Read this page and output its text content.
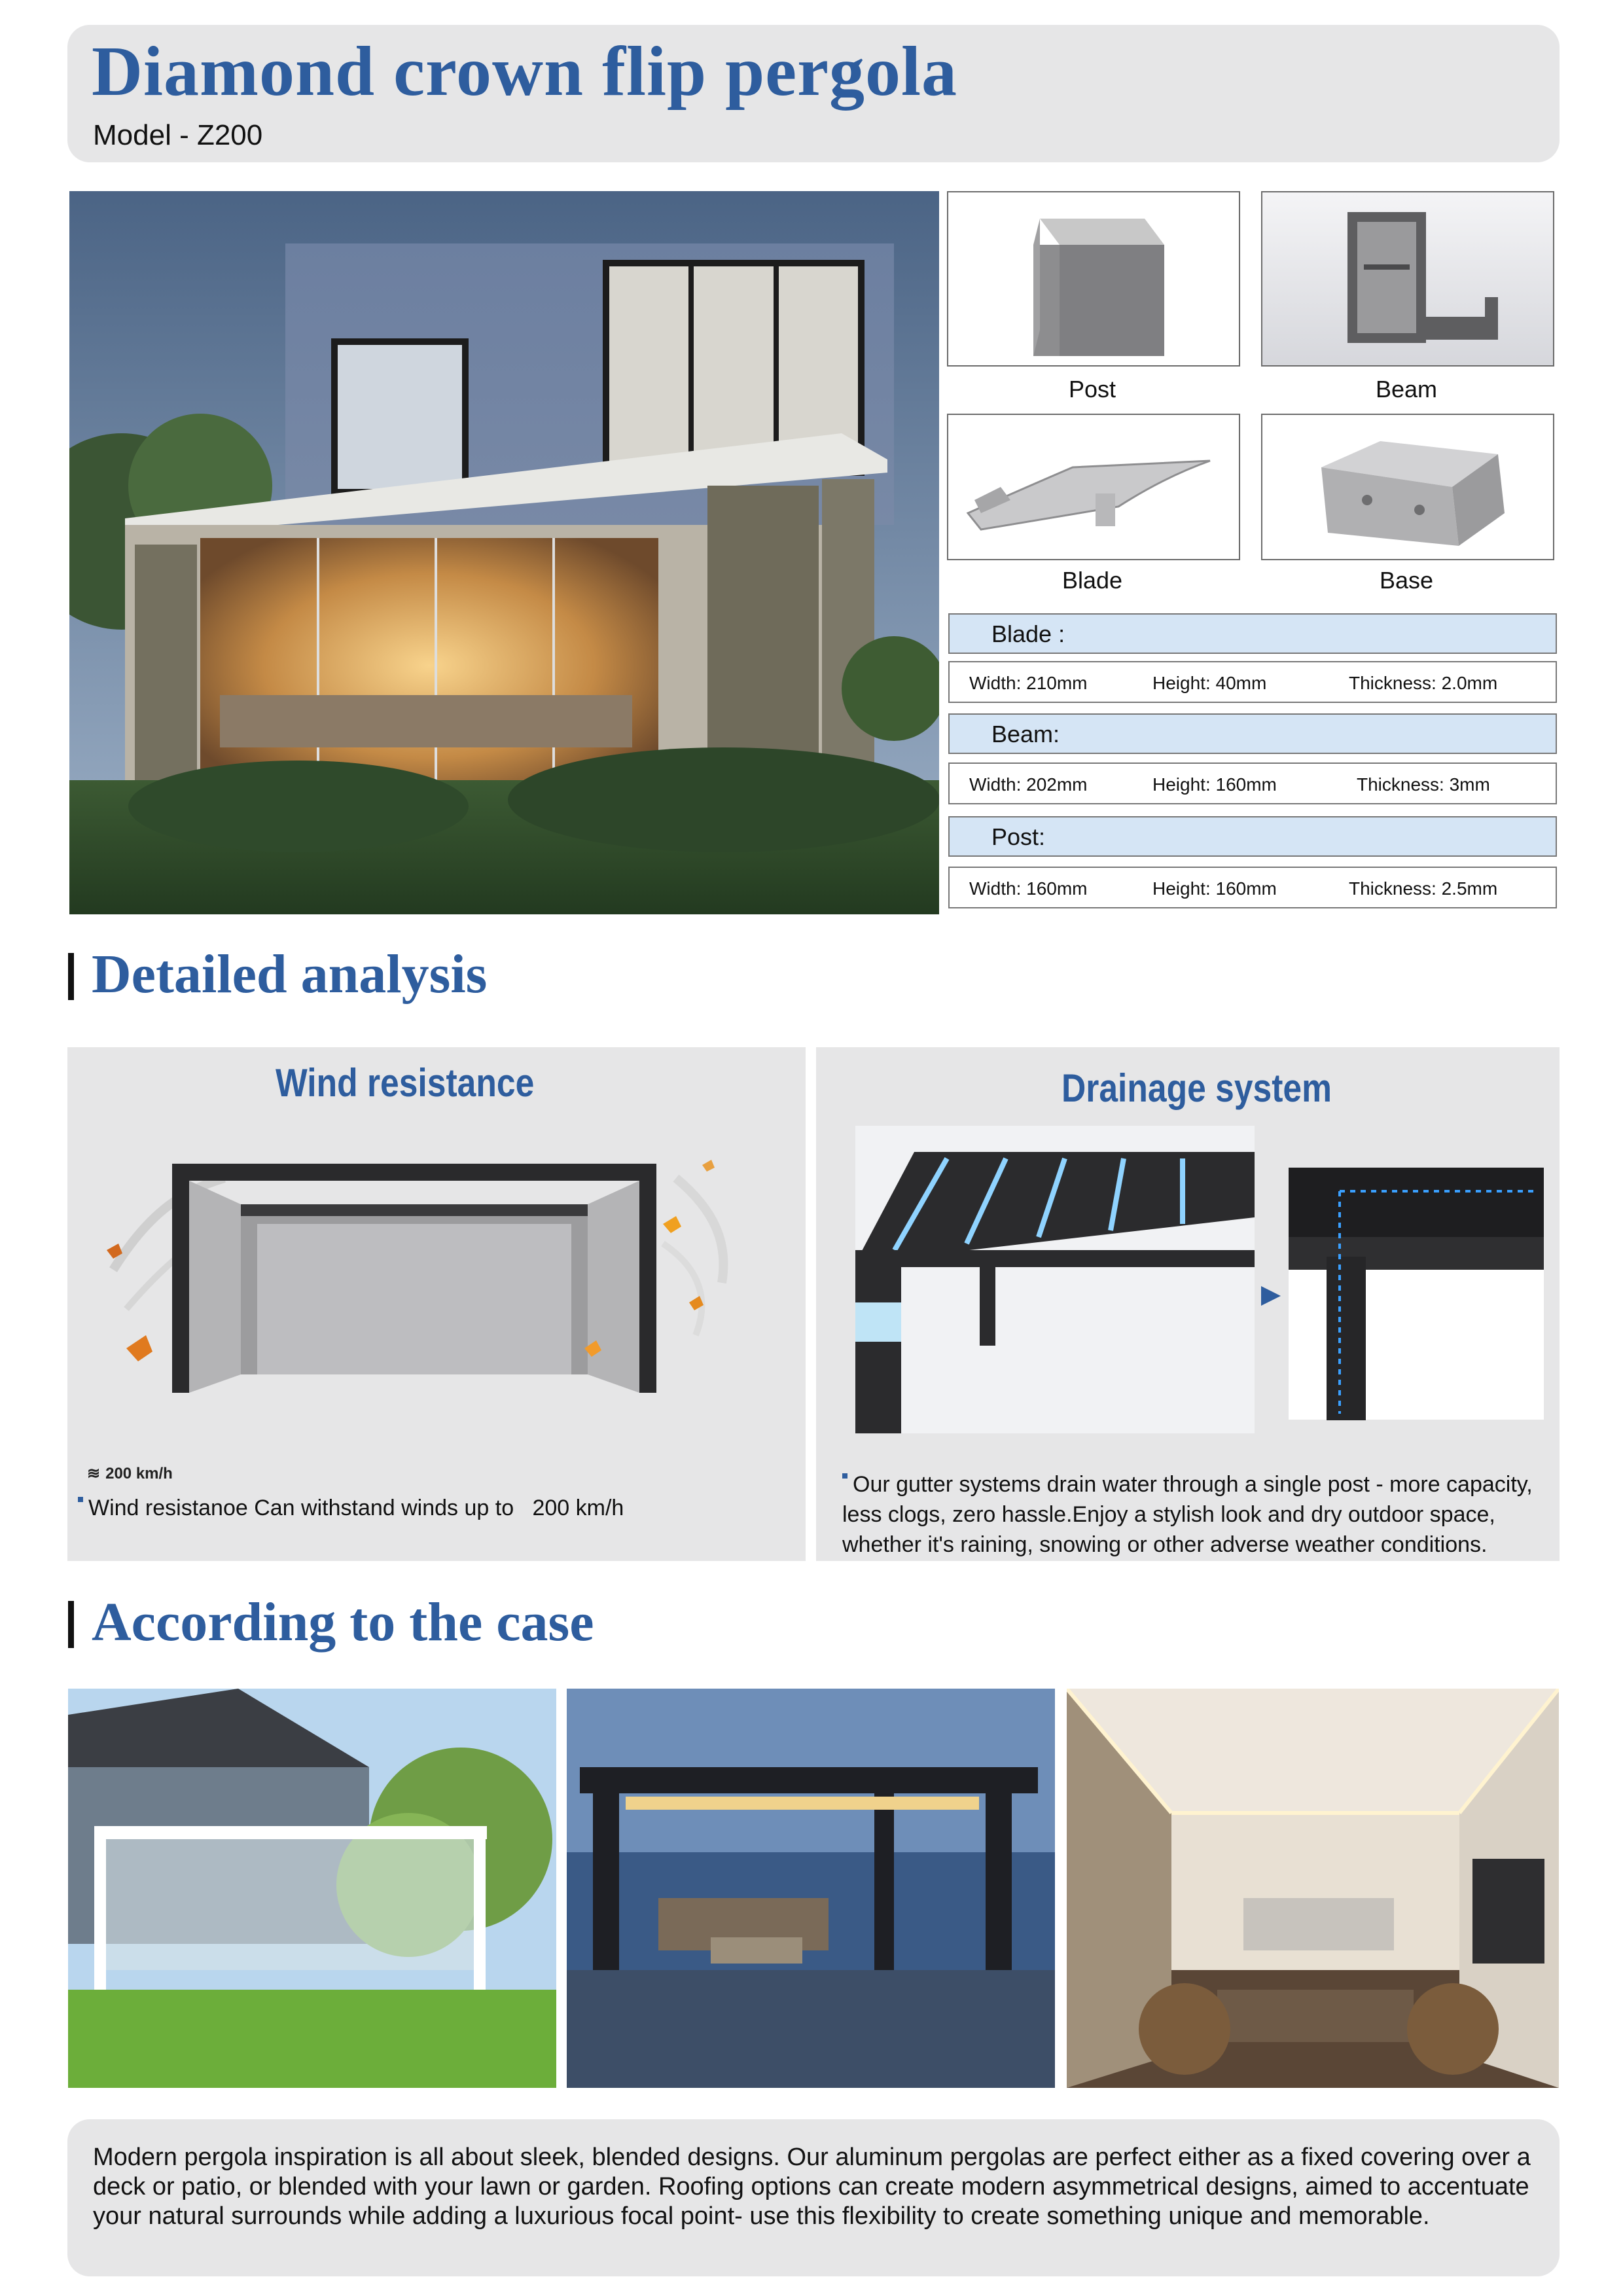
Diamond crown flip pergola
Model - Z200
Post	Beam
Blade	Base
Blade :
Width: 210mm	Height: 40mm	Thickness: 2.0mm
Beam:
Width: 202mm	Height: 160mm	Thickness: 3mm
Post:
Width: 160mm	Height: 160mm	Thickness: 2.5mm
Detailed analysis
Wind resistance
≋ 200 km/h
Wind resistanoe Can withstand winds up to   200 km/h
Drainage system
Our gutter systems drain water through a single post - more capacity, less clogs, zero hassle.Enjoy a stylish look and dry outdoor space, whether it's raining, snowing or other adverse weather conditions.
According to the case
Modern pergola inspiration is all about sleek, blended designs. Our aluminum pergolas are perfect either as a fixed covering over a deck or patio, or blended with your lawn or garden. Roofing options can create modern asymmetrical designs, aimed to accentuate your natural surrounds while adding a luxurious focal point- use this flexibility to create something unique and memorable.
